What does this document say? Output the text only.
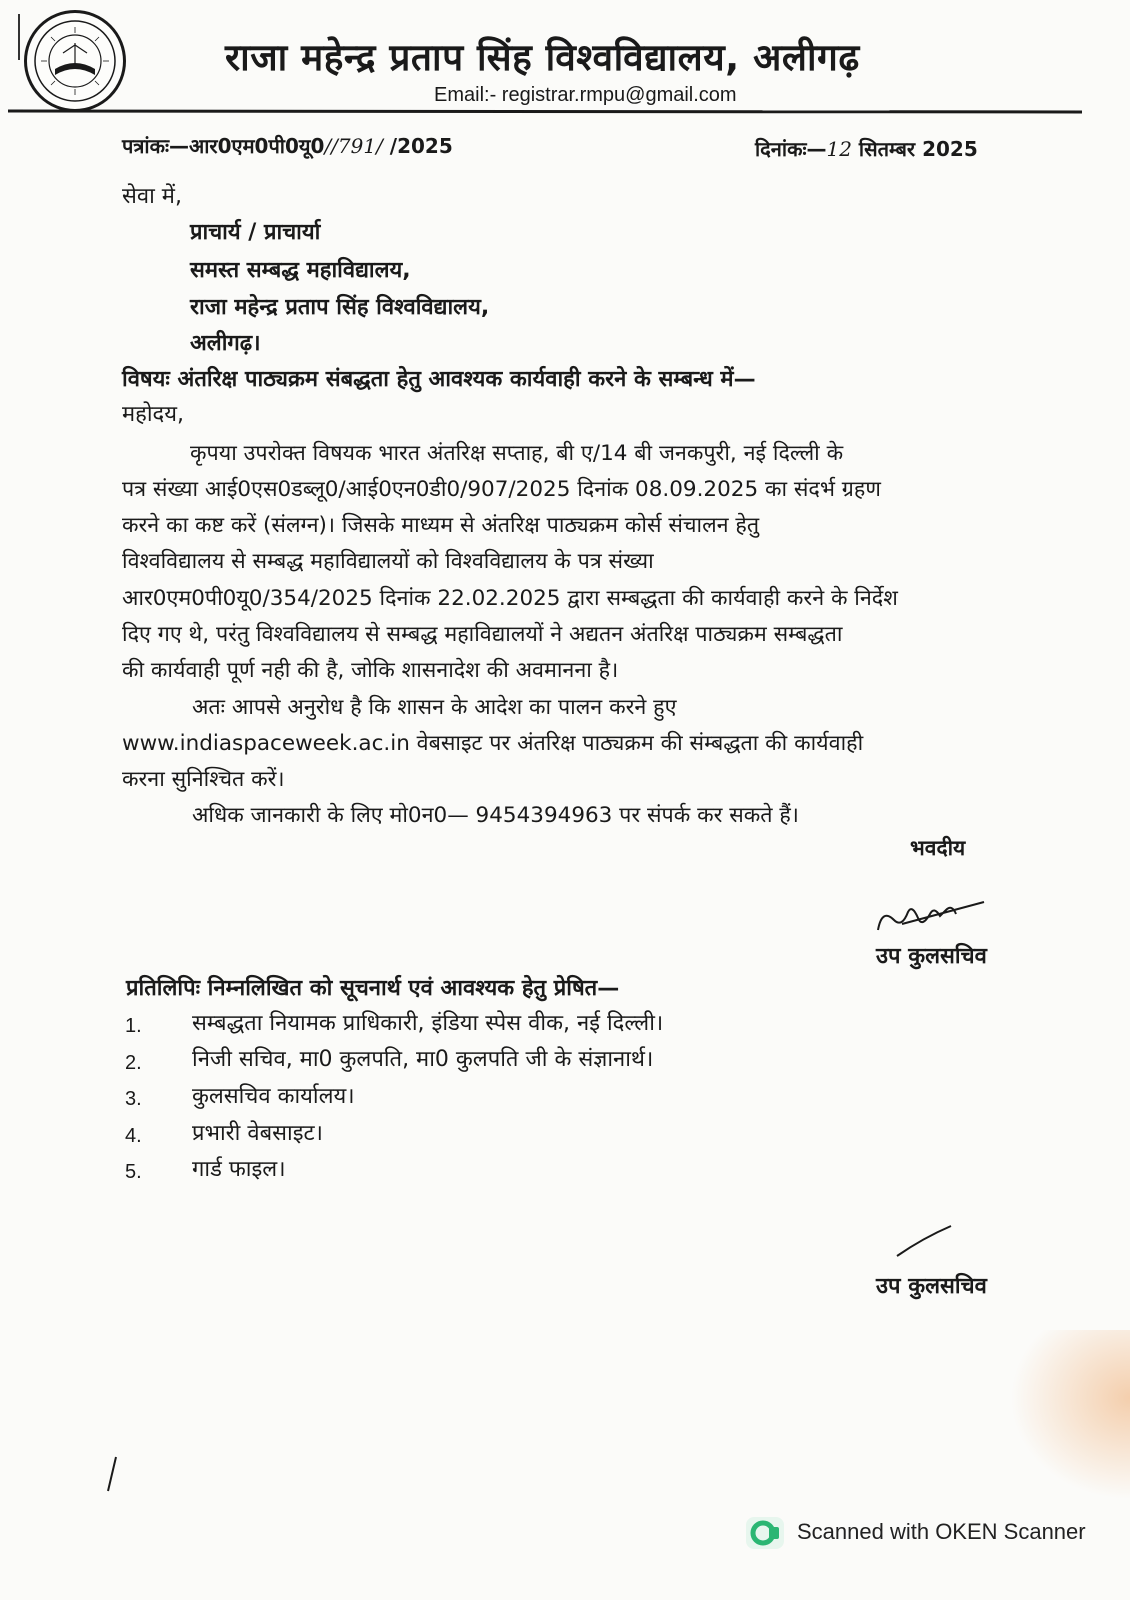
राजा महेन्द्र प्रताप सिंह विश्वविद्यालय, अलीगढ़
Email:- registrar.rmpu@gmail.com
पत्रांकः—आर0एम0पी0यू0//791/ /2025	दिनांकः—12 सितम्बर 2025
सेवा में,
प्राचार्य / प्राचार्या
समस्त सम्बद्ध महाविद्यालय,
राजा महेन्द्र प्रताप सिंह विश्वविद्यालय,
अलीगढ़।
विषयः अंतरिक्ष पाठ्यक्रम संबद्धता हेतु आवश्यक कार्यवाही करने के सम्बन्ध में—
महोदय,
कृपया उपरोक्त विषयक भारत अंतरिक्ष सप्ताह, बी ए/14 बी जनकपुरी, नई दिल्ली के
पत्र संख्या आई0एस0डब्लू0/आई0एन0डी0/907/2025 दिनांक 08.09.2025 का संदर्भ ग्रहण
करने का कष्ट करें (संलग्न)। जिसके माध्यम से अंतरिक्ष पाठ्यक्रम कोर्स संचालन हेतु
विश्वविद्यालय से सम्बद्ध महाविद्यालयों को विश्वविद्यालय के पत्र संख्या
आर0एम0पी0यू0/354/2025 दिनांक 22.02.2025 द्वारा सम्बद्धता की कार्यवाही करने के निर्देश
दिए गए थे, परंतु विश्वविद्यालय से सम्बद्ध महाविद्यालयों ने अद्यतन अंतरिक्ष पाठ्यक्रम सम्बद्धता
की कार्यवाही पूर्ण नही की है, जोकि शासनादेश की अवमानना है।
अतः आपसे अनुरोध है कि शासन के आदेश का पालन करने हुए
www.indiaspaceweek.ac.in वेबसाइट पर अंतरिक्ष पाठ्यक्रम की संम्बद्धता की कार्यवाही
करना सुनिश्चित करें।
अधिक जानकारी के लिए मो0न0— 9454394963 पर संपर्क कर सकते हैं।
भवदीय
उप कुलसचिव
प्रतिलिपिः निम्नलिखित को सूचनार्थ एवं आवश्यक हेतु प्रेषित—
1. सम्बद्धता नियामक प्राधिकारी, इंडिया स्पेस वीक, नई दिल्ली।
2. निजी सचिव, मा0 कुलपति, मा0 कुलपति जी के संज्ञानार्थ।
3. कुलसचिव कार्यालय।
4. प्रभारी वेबसाइट।
5. गार्ड फाइल।
उप कुलसचिव
Scanned with OKEN Scanner
